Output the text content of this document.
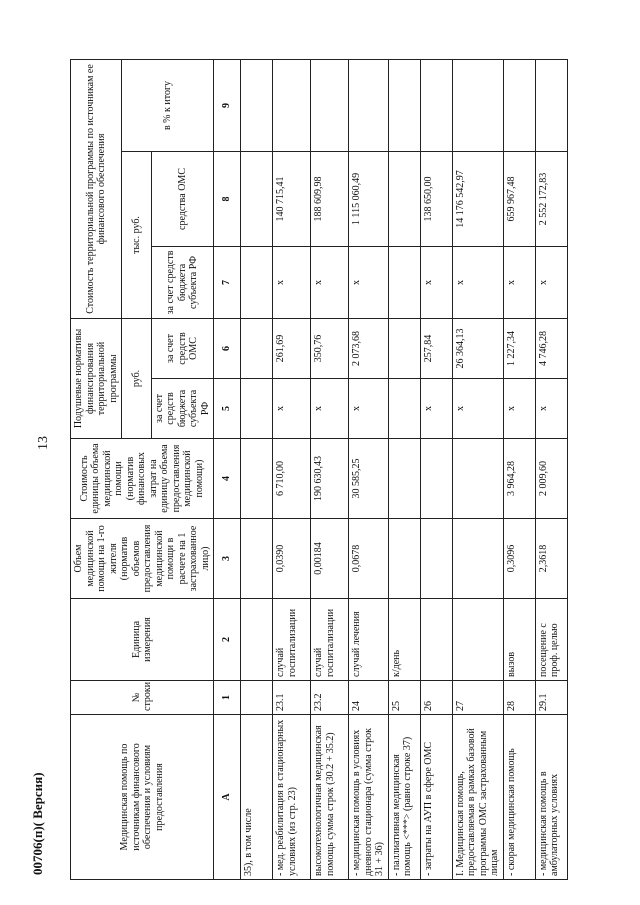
13
Медицинская помощь по источникам финансового обеспечения и условиям предоставления	№ строки	Единица измерения	Объем медицинской помощи на 1-го жителя (норматив объемов предоставления медицинской помощи в расчете на 1 застрахованное лицо)	Стоимость единицы объема медицинской помощи (норматив финансовых затрат на единицу объема предоставления медицинской помощи)	Подушевые нормативы финансирования территориальной программы		Стоимость территориальной программы по источникам ее финансового обеспечения		
					руб.		тыс. руб.		в % к итогу
					за счет средств бюджета субъекта РФ	за счет средств ОМС	за счет средств бюджета субъекта РФ	средства ОМС	
А	1	2	3	4	5	6	7	8	9
35), в том числе									
- мед. реабилитация в стационарных условиях (из стр. 23)	23.1	случай госпитализации	0,0390	6 710,00	х	261,69	х	140 715,41	
высокотехнологичная медицинская помощь сумма строк (30.2 + 35.2)	23.2	случай госпитализации	0,00184	190 630,43	х	350,76	х	188 609,98	
- медицинская помощь в условиях дневного стационара (сумма строк 31 + 36)	24	случай лечения	0,0678	30 585,25	х	2 073,68	х	1 115 060,49	
- паллиативная медицинская помощь <***> (равно строке 37)	25	к/день							
- затраты на АУП в сфере ОМС	26				х	257,84	х	138 650,00	
I. Медицинская помощь, предоставляемая в рамках базовой программы ОМС застрахованным лицам	27				х	26 364,13	х	14 176 542,97	
- скорая медицинская помощь	28	вызов	0,3096	3 964,28	х	1 227,34	х	659 967,48	
- медицинская помощь в амбулаторных условиях	29.1	посещение с проф. целью	2,3618	2 009,60	х	4 746,28	х	2 552 172,83	
00706(п)( Версия)
